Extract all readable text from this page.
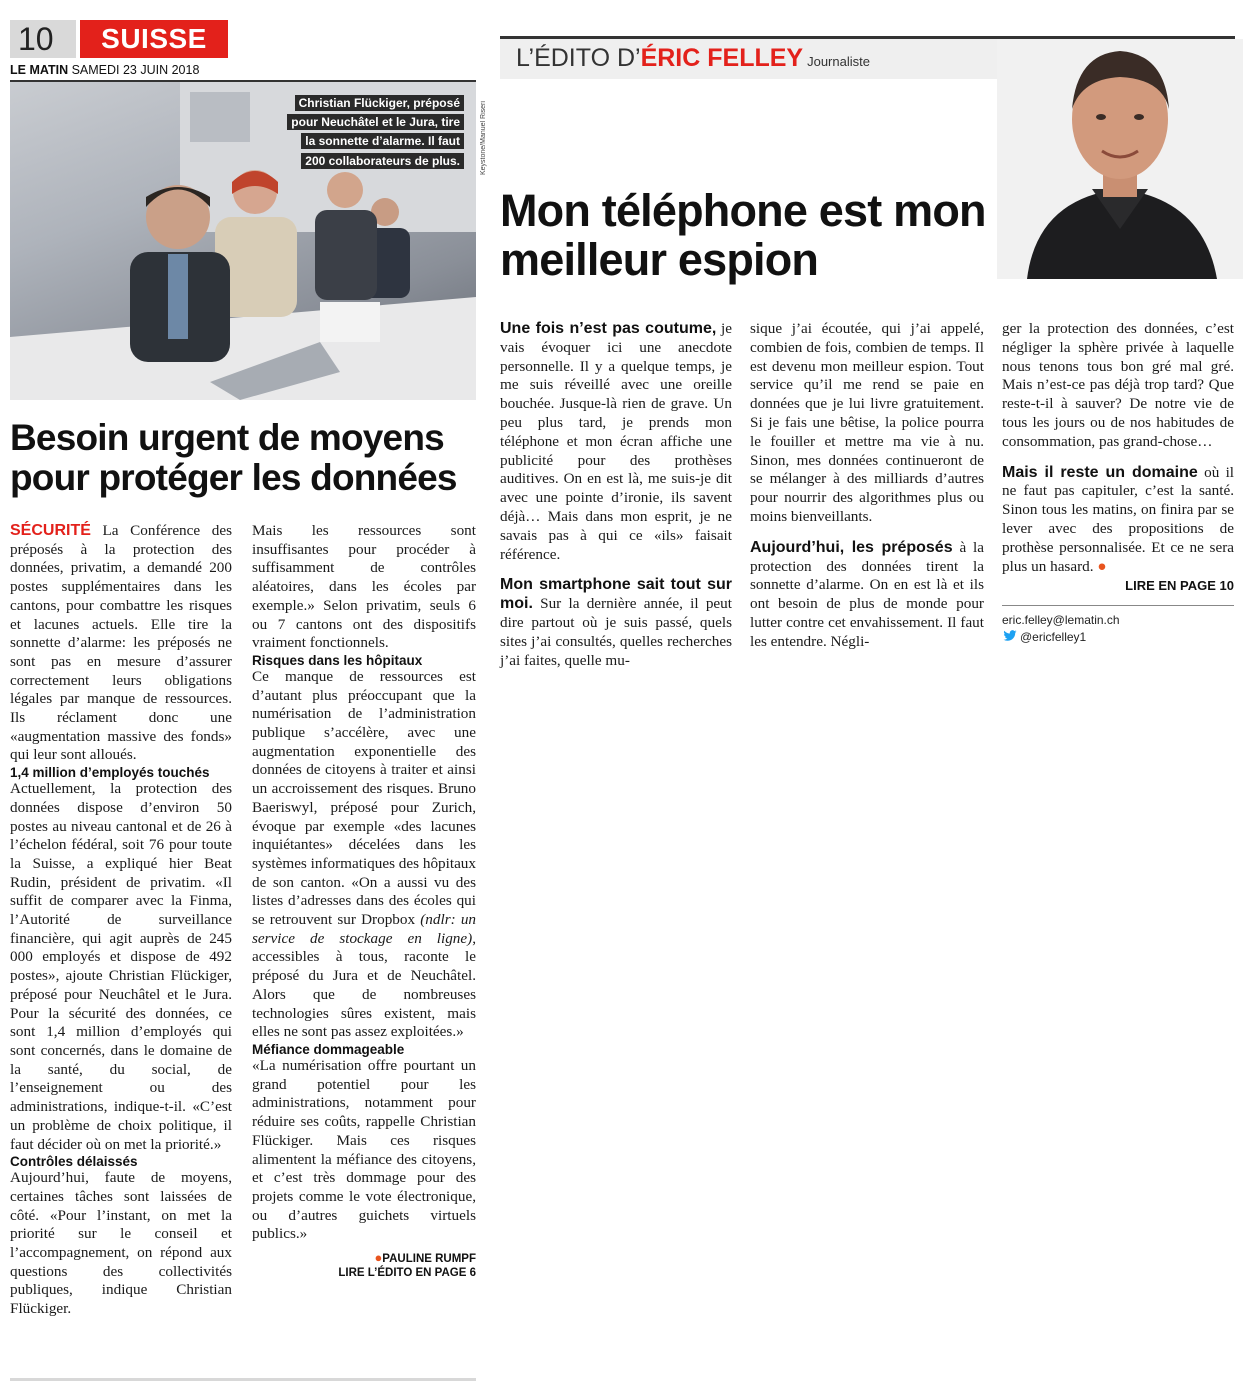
10	SUISSE
LE MATIN SAMEDI 23 JUIN 2018
Christian Flückiger, préposé pour Neuchâtel et le Jura, tire la sonnette d’alarme. Il faut 200 collaborateurs de plus.	Keystone/Manuel Riseri
Besoin urgent de moyens pour protéger les données

SÉCURITÉ La Conférence des préposés à la protection des données, privatim, a demandé 200 postes supplémentaires dans les cantons, pour combattre les risques et lacunes actuels. Elle tire la sonnette d’alarme: les préposés ne sont pas en mesure d’assurer correctement leurs obligations légales par manque de ressources. Ils réclament donc une «augmentation massive des fonds» qui leur sont alloués.

1,4 million d’employés touchés

Actuellement, la protection des données dispose d’environ 50 postes au niveau cantonal et de 26 à l’échelon fédéral, soit 76 pour toute la Suisse, a expliqué hier Beat Rudin, président de privatim. «Il suffit de comparer avec la Finma, l’Autorité de surveillance financière, qui agit auprès de 245 000 employés et dispose de 492 postes», ajoute Christian Flückiger, préposé pour Neuchâtel et le Jura. Pour la sécurité des données, ce sont 1,4 million d’employés qui sont concernés, dans le domaine de la santé, du social, de l’enseignement ou des administrations, indique-t-il. «C’est un problème de choix politique, il faut décider où on met la priorité.»

Contrôles délaissés

Aujourd’hui, faute de moyens, certaines tâches sont laissées de côté. «Pour l’instant, on met la priorité sur le conseil et l’accompagnement, on répond aux questions des collectivités publiques, indique Christian Flückiger.

Mais les ressources sont insuffisantes pour procéder à suffisamment de contrôles aléatoires, dans les écoles par exemple.» Selon privatim, seuls 6 ou 7 cantons ont des dispositifs vraiment fonctionnels.

Risques dans les hôpitaux

Ce manque de ressources est d’autant plus préoccupant que la numérisation de l’administration publique s’accélère, avec une augmentation exponentielle des données de citoyens à traiter et ainsi un accroissement des risques. Bruno Baeriswyl, préposé pour Zurich, évoque par exemple «des lacunes inquiétantes» décelées dans les systèmes informatiques des hôpitaux de son canton. «On a aussi vu des listes d’adresses dans des écoles qui se retrouvent sur Dropbox (ndlr: un service de stockage en ligne), accessibles à tous, raconte le préposé du Jura et de Neuchâtel. Alors que de nombreuses technologies sûres existent, mais elles ne sont pas assez exploitées.»

Méfiance dommageable

«La numérisation offre pourtant un grand potentiel pour les administrations, notamment pour réduire ses coûts, rappelle Christian Flückiger. Mais ces risques alimentent la méfiance des citoyens, et c’est très dommage pour des projets comme le vote électronique, ou d’autres guichets virtuels publics.»

●PAULINE RUMPF
LIRE L’ÉDITO EN PAGE 6
L’ÉDITO D’ÉRIC FELLEY Journaliste
Mon téléphone est mon meilleur espion

Une fois n’est pas coutume, je vais évoquer ici une anecdote personnelle. Il y a quelque temps, je me suis réveillé avec une oreille bouchée. Jusque-là rien de grave. Un peu plus tard, je prends mon téléphone et mon écran affiche une publicité pour des prothèses auditives. On en est là, me suis-je dit avec une pointe d’ironie, ils savent déjà… Mais dans mon esprit, je ne savais pas à qui ce «ils» faisait référence.

Mon smartphone sait tout sur moi. Sur la dernière année, il peut dire partout où je suis passé, quels sites j’ai consultés, quelles recherches j’ai faites, quelle mu-

sique j’ai écoutée, qui j’ai appelé, combien de fois, combien de temps. Il est devenu mon meilleur espion. Tout service qu’il me rend se paie en données que je lui livre gratuitement. Si je fais une bêtise, la police pourra le fouiller et mettre ma vie à nu. Sinon, mes données continueront de se mélanger à des milliards d’autres pour nourrir des algorithmes plus ou moins bienveillants.

Aujourd’hui, les préposés à la protection des données tirent la sonnette d’alarme. On en est là et ils ont besoin de plus de monde pour lutter contre cet envahissement. Il faut les entendre. Négli-

ger la protection des données, c’est négliger la sphère privée à laquelle nous tenons tous bon gré mal gré. Mais n’est-ce pas déjà trop tard? Que reste-t-il à sauver? De notre vie de tous les jours ou de nos habitudes de consommation, pas grand-chose…

Mais il reste un domaine où il ne faut pas capituler, c’est la santé. Sinon tous les matins, on finira par se lever avec des propositions de prothèse personnalisée. Et ce ne sera plus un hasard. ●

LIRE EN PAGE 10
eric.felley@lematin.ch
@ericfelley1
